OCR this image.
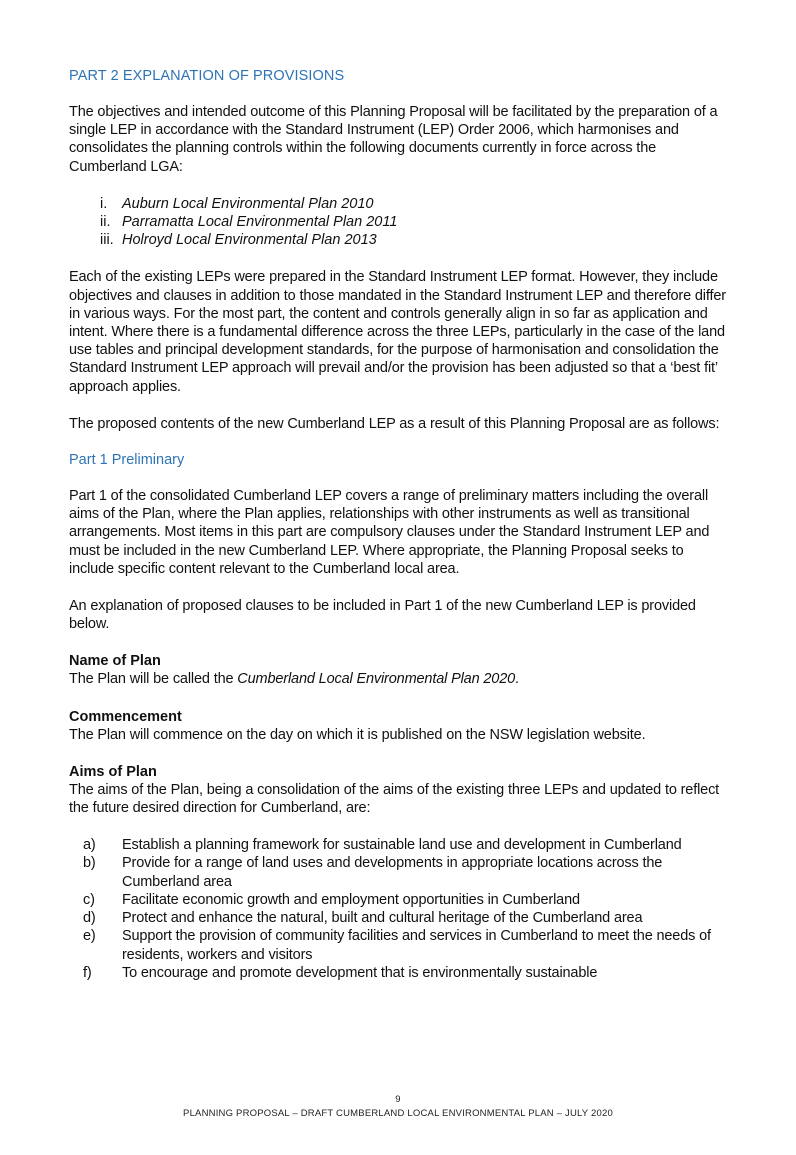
PART 2 EXPLANATION OF PROVISIONS

The objectives and intended outcome of this Planning Proposal will be facilitated by the preparation of a single LEP in accordance with the Standard Instrument (LEP) Order 2006, which harmonises and consolidates the planning controls within the following documents currently in force across the Cumberland LGA:

i.	Auburn Local Environmental Plan 2010
ii. Parramatta Local Environmental Plan 2011
iii. Holroyd Local Environmental Plan 2013

Each of the existing LEPs were prepared in the Standard Instrument LEP format. However, they include objectives and clauses in addition to those mandated in the Standard Instrument LEP and therefore differ in various ways. For the most part, the content and controls generally align in so far as application and intent. Where there is a fundamental difference across the three LEPs, particularly in the case of the land use tables and principal development standards, for the purpose of harmonisation and consolidation the Standard Instrument LEP approach will prevail and/or the provision has been adjusted so that a ‘best fit’ approach applies.

The proposed contents of the new Cumberland LEP as a result of this Planning Proposal are as follows:

Part 1 Preliminary

Part 1 of the consolidated Cumberland LEP covers a range of preliminary matters including the overall aims of the Plan, where the Plan applies, relationships with other instruments as well as transitional arrangements. Most items in this part are compulsory clauses under the Standard Instrument LEP and must be included in the new Cumberland LEP. Where appropriate, the Planning Proposal seeks to include specific content relevant to the Cumberland local area.

An explanation of proposed clauses to be included in Part 1 of the new Cumberland LEP is provided below.

Name of Plan

The Plan will be called the Cumberland Local Environmental Plan 2020.

Commencement

The Plan will commence on the day on which it is published on the NSW legislation website.

Aims of Plan

The aims of the Plan, being a consolidation of the aims of the existing three LEPs and updated to reflect the future desired direction for Cumberland, are:

a)	Establish a planning framework for sustainable land use and development in Cumberland
b)	Provide for a range of land uses and developments in appropriate locations across the Cumberland area
c)	Facilitate economic growth and employment opportunities in Cumberland
d)	Protect and enhance the natural, built and cultural heritage of the Cumberland area
e)	Support the provision of community facilities and services in Cumberland to meet the needs of residents, workers and visitors
f)	To encourage and promote development that is environmentally sustainable
9
PLANNING PROPOSAL – DRAFT CUMBERLAND LOCAL ENVIRONMENTAL PLAN – JULY 2020
